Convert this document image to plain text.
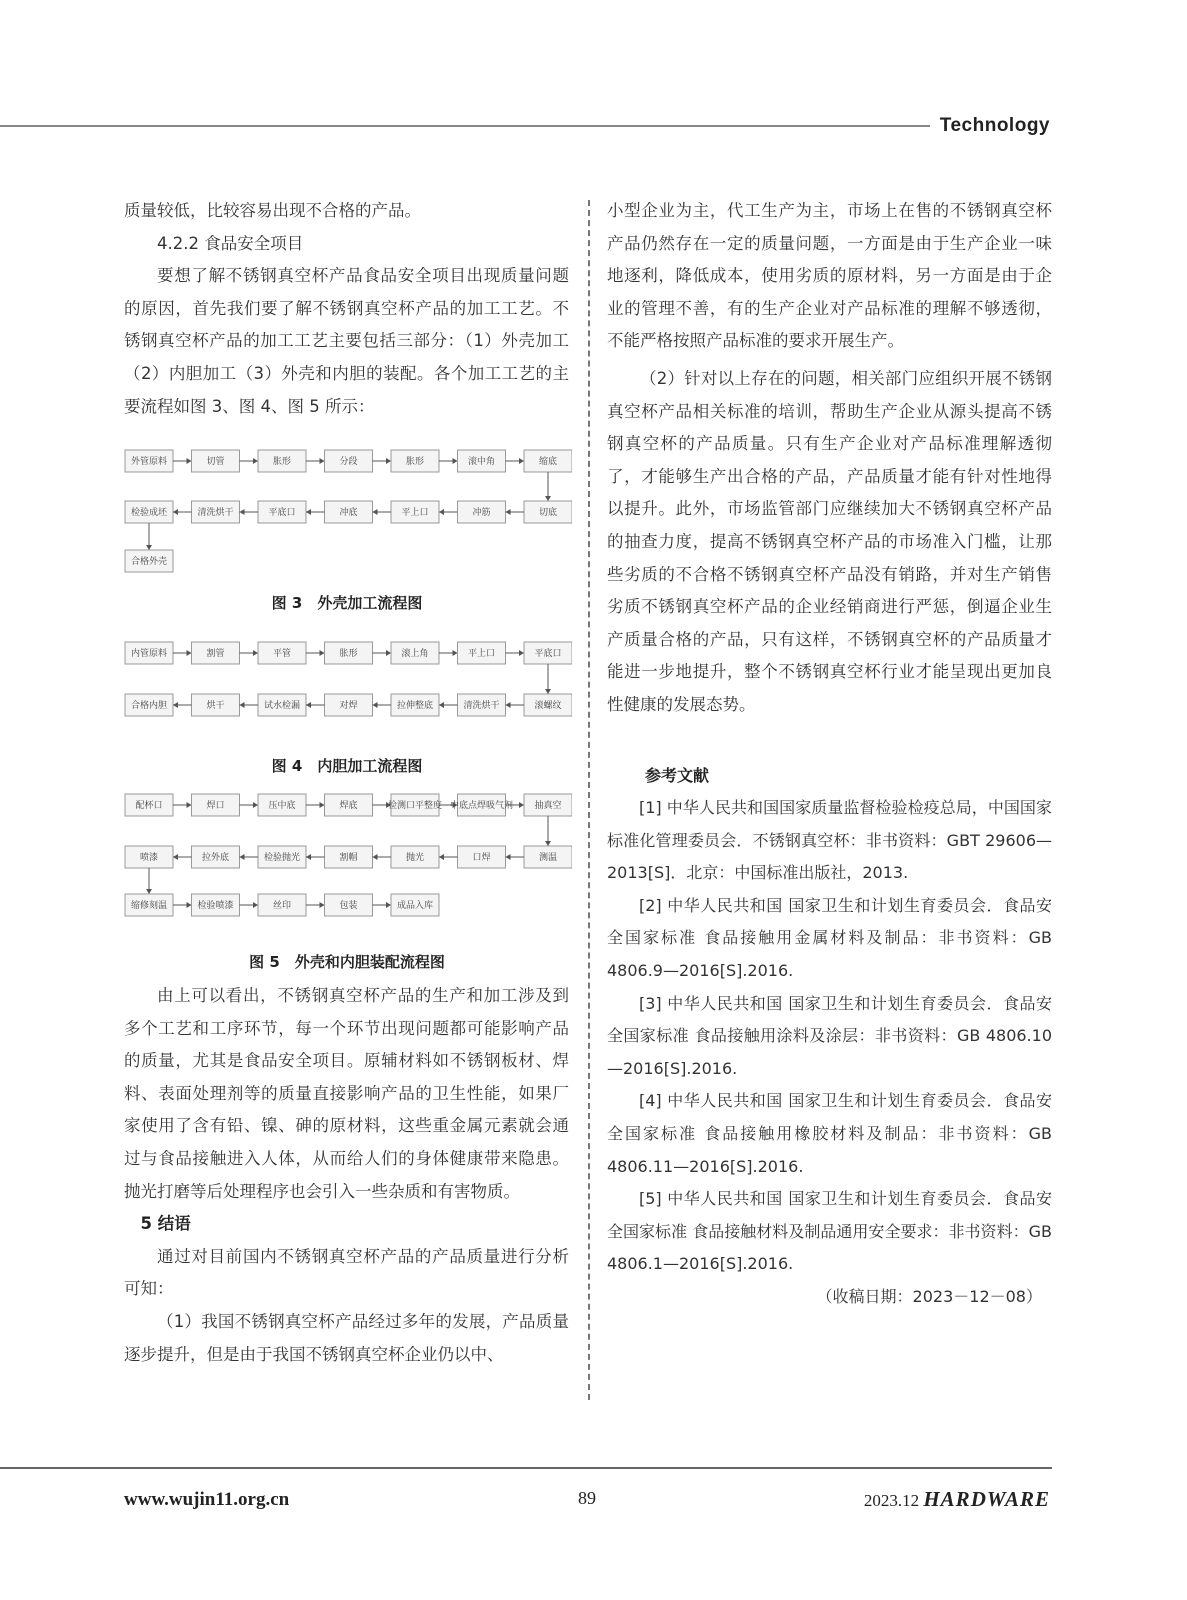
Technology

质量较低，比较容易出现不合格的产品。

4.2.2 食品安全项目

要想了解不锈钢真空杯产品食品安全项目出现质量问题的原因，首先我们要了解不锈钢真空杯产品的加工工艺。不锈钢真空杯产品的加工工艺主要包括三部分：（1）外壳加工（2）内胆加工（3）外壳和内胆的装配。各个加工工艺的主要流程如图 3、图 4、图 5 所示：

外管原料	切管	胀形	分段	胀形	滚中角	缩底
检验成坯	清洗烘干	平底口	冲底	平上口	冲筋	切底
合格外壳
图 3　外壳加工流程图
内管原料	割管	平管	胀形	滚上角	平上口	平底口
合格内胆	烘干	试水检漏	对焊	拉伸整底	清洗烘干	滚螺纹
图 4　内胆加工流程图
配杯口	焊口	压中底	焊底	检测口平整度 中底点焊吸气剂 抽真空
喷漆	拉外底	检验抛光	割帽	抛光	口焊	测温
缩修刻温	检验喷漆	丝印	包装	成品入库
图 5　外壳和内胆装配流程图

由上可以看出，不锈钢真空杯产品的生产和加工涉及到多个工艺和工序环节，每一个环节出现问题都可能影响产品的质量，尤其是食品安全项目。原辅材料如不锈钢板材、焊料、表面处理剂等的质量直接影响产品的卫生性能，如果厂家使用了含有铅、镍、砷的原材料，这些重金属元素就会通过与食品接触进入人体，从而给人们的身体健康带来隐患。抛光打磨等后处理程序也会引入一些杂质和有害物质。

5 结语

通过对目前国内不锈钢真空杯产品的产品质量进行分析可知：

（1）我国不锈钢真空杯产品经过多年的发展，产品质量逐步提升，但是由于我国不锈钢真空杯企业仍以中、

小型企业为主，代工生产为主，市场上在售的不锈钢真空杯产品仍然存在一定的质量问题，一方面是由于生产企业一味地逐利，降低成本，使用劣质的原材料，另一方面是由于企业的管理不善，有的生产企业对产品标准的理解不够透彻，不能严格按照产品标准的要求开展生产。

（2）针对以上存在的问题，相关部门应组织开展不锈钢真空杯产品相关标准的培训，帮助生产企业从源头提高不锈钢真空杯的产品质量。只有生产企业对产品标准理解透彻了，才能够生产出合格的产品，产品质量才能有针对性地得以提升。此外，市场监管部门应继续加大不锈钢真空杯产品的抽查力度，提高不锈钢真空杯产品的市场准入门槛，让那些劣质的不合格不锈钢真空杯产品没有销路，并对生产销售劣质不锈钢真空杯产品的企业经销商进行严惩，倒逼企业生产质量合格的产品，只有这样，不锈钢真空杯的产品质量才能进一步地提升，整个不锈钢真空杯行业才能呈现出更加良性健康的发展态势。

参考文献

[1] 中华人民共和国国家质量监督检验检疫总局，中国国家标准化管理委员会．不锈钢真空杯：非书资料：GBT 29606—2013[S]．北京：中国标准出版社，2013.

[2] 中华人民共和国 国家卫生和计划生育委员会．食品安全国家标准 食品接触用金属材料及制品：非书资料：GB 4806.9—2016[S].2016.

[3] 中华人民共和国 国家卫生和计划生育委员会．食品安全国家标准 食品接触用涂料及涂层：非书资料：GB 4806.10—2016[S].2016.

[4] 中华人民共和国 国家卫生和计划生育委员会．食品安全国家标准 食品接触用橡胶材料及制品：非书资料：GB 4806.11—2016[S].2016.

[5] 中华人民共和国 国家卫生和计划生育委员会．食品安全国家标准 食品接触材料及制品通用安全要求：非书资料：GB 4806.1—2016[S].2016.

（收稿日期：2023－12－08）

www.wujin11.org.cn	89	2023.12 HARDWARE
